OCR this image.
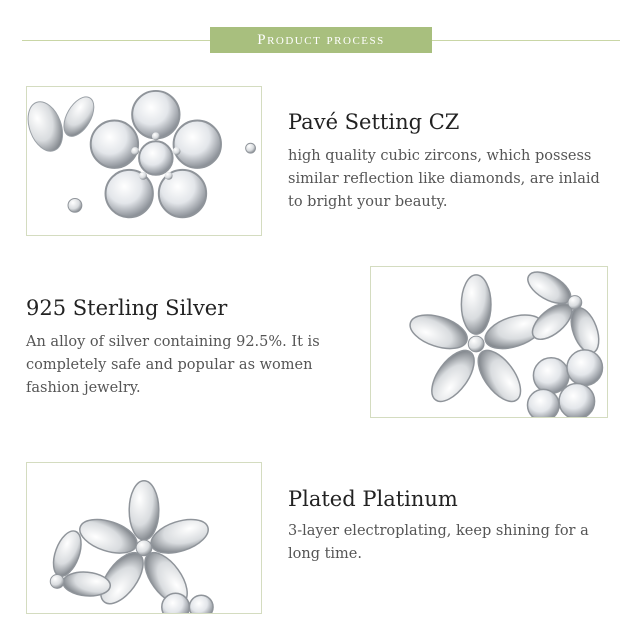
Product process
Pavé Setting CZ
high quality cubic zircons, which possess similar reflection like diamonds, are inlaid to bright your beauty.
925 Sterling Silver
An alloy of silver containing 92.5%. It is completely safe and popular as women fashion jewelry.
Plated Platinum
3-layer electroplating, keep shining for a long time.
